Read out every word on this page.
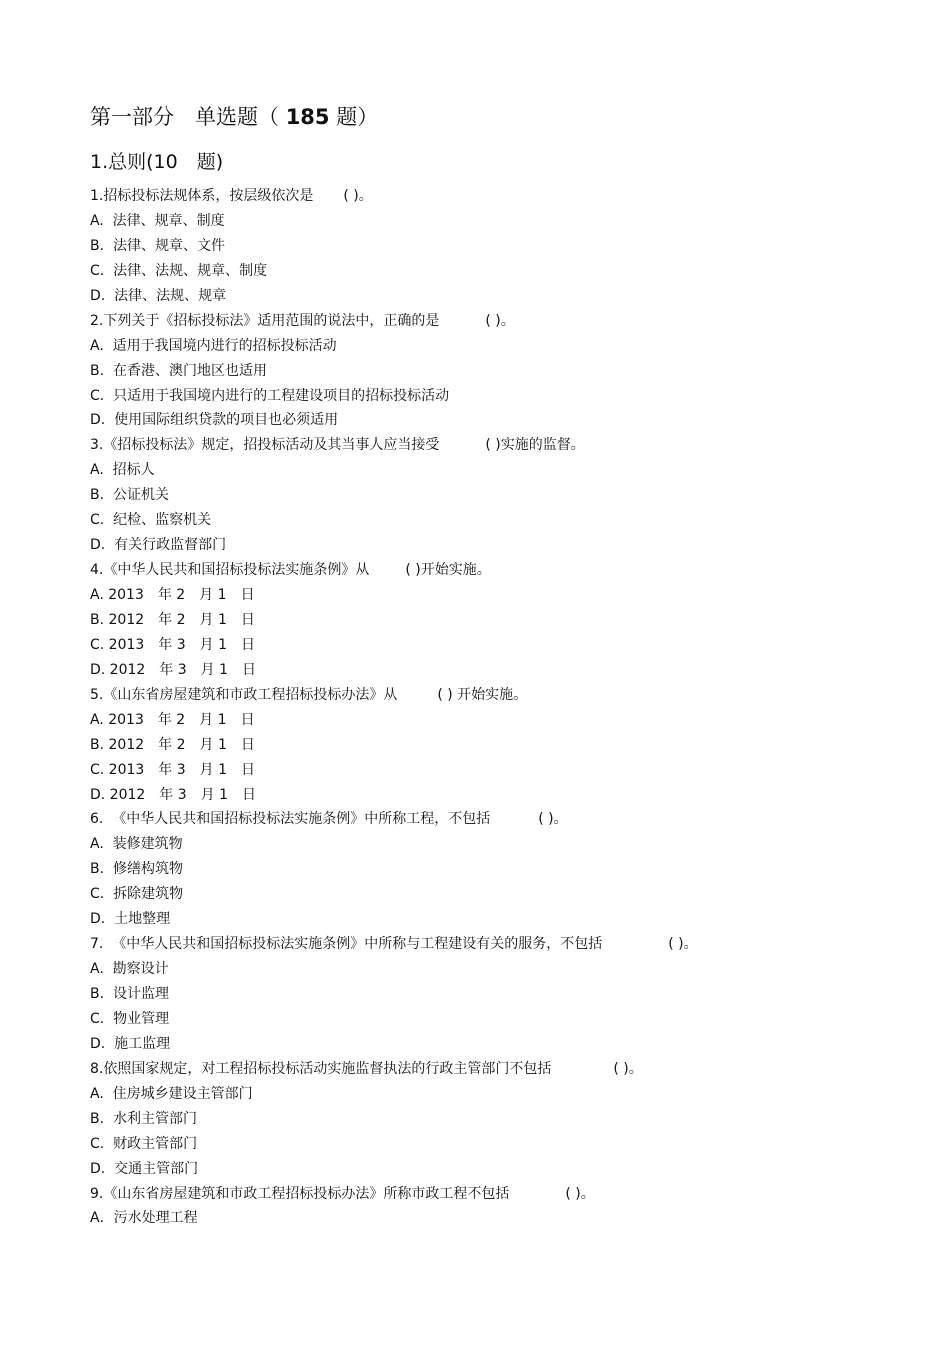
第一部分　单选题（ 185 题）
1.总则(10　题)
1.招标投标法规体系，按层级依次是 ( )。
A.  法律、规章、制度
B.  法律、规章、文件
C.  法律、法规、规章、制度
D.  法律、法规、规章
2.下列关于《招标投标法》适用范围的说法中，正确的是	( )。
A.  适用于我国境内进行的招标投标活动
B.  在香港、澳门地区也适用
C.  只适用于我国境内进行的工程建设项目的招标投标活动
D.  使用国际组织贷款的项目也必须适用
3.《招标投标法》规定，招投标活动及其当事人应当接受	( )实施的监督。
A.  招标人
B.  公证机关
C.  纪检、监察机关
D.  有关行政监督部门
4.《中华人民共和国招标投标法实施条例》从	( )开始实施。
A. 2013　年 2　月 1　日
B. 2012　年 2　月 1　日
C. 2013　年 3　月 1　日
D. 2012　年 3　月 1　日
5.《山东省房屋建筑和市政工程招标投标办法》从	( ) 开始实施。
A. 2013　年 2　月 1　日
B. 2012　年 2　月 1　日
C. 2013　年 3　月 1　日
D. 2012　年 3　月 1　日
6.  《中华人民共和国招标投标法实施条例》中所称工程，不包括	( )。
A.  装修建筑物
B.  修缮构筑物
C.  拆除建筑物
D.  土地整理
7.  《中华人民共和国招标投标法实施条例》中所称与工程建设有关的服务，不包括	( )。
A.  勘察设计
B.  设计监理
C.  物业管理
D.  施工监理
8.依照国家规定，对工程招标投标活动实施监督执法的行政主管部门不包括	( )。
A.  住房城乡建设主管部门
B.  水利主管部门
C.  财政主管部门
D.  交通主管部门
9.《山东省房屋建筑和市政工程招标投标办法》所称市政工程不包括	( )。
A．污水处理工程
